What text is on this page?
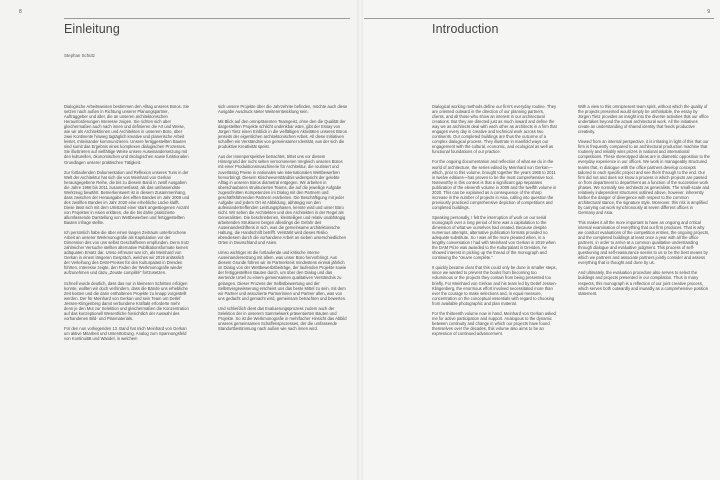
8
Einleitung
Stephan Schütz

Dialogische Arbeitsweisen bestimmen den Alltag unseres Büros. Sie setzen nach außen in Richtung unserer Planungspartner, Auftraggeber und aller, die an unseren architektonischen Herausforderungen Interesse zeigen. Sie richten sich aber gleichermaßen auch nach innen und definieren die Art und Weise, wie wir als Architektinnen und Architekten in unserem Büro, über zwei Kontinente hinweg tagtäglich kreative und planerische Arbeit leistet, miteinander kommunizieren. Unsere fertiggestellten Bauten sind somit das Ergebnis eines komplexen dialogischen Prozesses. Sie illustrieren auf vielfältige Weise unsere Auseinandersetzung mit den kulturellen, ökonomischen und ökologischen sowie funktionalen Grundlagen unserer praktischen Tätigkeit.

Zur fortlaufenden Dokumentation und Reflexion unseres Tuns in der Welt der Architektur hat sich die von Meinhard von Gerkan herausgegebene Reihe, die bis zu diesem Band in zwölf Ausgaben die Jahre 1966 bis 2011 zusammenfasst, als das umfassendste Werkzeug bewährt. Bemerkenswert ist in diesem Zusammenhang, dass zwischen der Herausgabe des elften Bandes im Jahr 2009 und des zwölften Bandes im Jahr 2020 eine erhebliche Lücke klafft. Diese lässt sich mit dem Umstand einer stark angestiegenen Anzahl von Projekten in Asien erklären, die die bis dahin praktizierte allumfassende Darstellung von Wettbewerben und fertiggestellten Bauten infrage stellte.

Ich persönlich habe die über einen langen Zeitraum unterbrochene Arbeit an unserer Werkmonografie als Kapitulation vor der Dimension des von uns selbst Geschaffenen empfunden. Denn trotz zahlreicher Versuche stellten alternative Publikationsformate keinen adäquaten Ersatz dar. Umso erfreuter war ich, als Meinhard von Gerkan in einem längeren Gespräch, welches wir 2019 anlässlich der Verleihung des DAM-Preises für den Kulturpalast in Dresden führten, Interesse zeigte, den Faden der Werkmonografie wieder aufzunehmen und dazu „Zeuste compilité“ fortzusetzen.

Schnell wurde deutlich, dass das nur in kleineren Schritten erfolgen konnte, wollten wir doch verhindern, dass die Bände uns erhebliche Zeit kosten und die darin enthaltenen Projekte zu knapp vorgestellt werden. Der für Meinhard von Gerkan und sein Team um Detlef Jessen-Klingenberg damit verbundene Kraftakt erforderte mehr denn je den Mut zur Selektion und gleichermaßen die Konzentration auf das konzeptionell Wesentliche hinsichtlich der Auswahl des vorhandenen Bild- und Planmaterials.

Für den nun vorliegenden 13. Band hat mich Meinhard von Gerkan um aktive Mitarbeit und Unterstützung. Analog zum Spannungsfeld von Kontinuität und Wandel, in welchem

sich unsere Projekte über die Jahrzehnte befinden, möchte auch diese Ausgabe Ausdruck steter Weiterentwicklung sein.

Mit Blick auf den omnipräsenten Teamgeist, ohne den die Qualität der dargestellten Projekte schlicht undenkbar wäre, gibt der Essay von Jürgen Tietz einen Einblick in die vielfältigen Aktivitäten unseres Büros jenseits der eigentlichen architektonischen Arbeit. All diese Initiativen schaffen ein Verständnis von gemeinsamer Identität, aus der sich die produktive Kreativität speist.

Aus der Innenperspektive betrachtet, trittet uns vor diesem Hintergrund der nicht selten vernommenen Vergleich unseres Büros mit einer Produktionsmaschinerie für Architektur, die routiniert und zuverlässig Preise in nationalen wie internationalen Wettbewerben hervorbringt. Diesem Klischeeverständnis widerspricht der gelebte Alltag in unseren Büros diametral entgegen. Wir arbeiten in überschaubaren strukturierten Teams, die auf die jeweilige Aufgabe zugeschnitten Kompetenzen im Dialog mit den Partnern und geschäftsführenden Partnern erarbeiten. Die Beschäftigung mit jeder Aufgabe und jedem Ort ist Abbildung, abhängig von den aufeinandertreffenden Leistungsphasen, kennte wird und unser Büro nicht. Wir sehen die Architekten und den Architekten in der Regel als Generalisten. Die beschriebenen, kleinteiligen und relativ unabhängig arbeitenden Strukturen bergen allerdings die Gefahr des Auseinanderdriftens in sich, was die gemeinsame architektonische Haltung, die Handschrift betrifft. Verstärkt wird dieses Risiko ebendiesem durch die vorhandene Arbeit an sieben unterschiedlichen Orten in Deutschland und Asien.

Umso wichtiger ist die fortlaufende und kritische interne Auseinandersetzung mit allem, was unser Büro hervorbringt. Aus diesem Grunde führen wir im Partnerkreis mindestens einmal jährlich im Dialog von der Wettbewerbsbeiträge, der laufenden Projekte sowie der fertiggestellten Bauten durch, um über den Dialog und das wertende Urteil zu einem gemeinsamen qualitativen Verständnis zu gelangen. Dieser Prozess der Selbstbewertung und der Selbstvergewisserung erscheint uns das beste Mittel zu sein, mit dem wir Partner und assoziierte Partnerinnen und Partner allen, was von uns gedacht und gemacht wird, gemeinsam betrachten und bewerten.

Und schließlich dient das Evaluierungsprozess zudem auch der Selektion der in unserem Sammelwerk präsentierten Bauten und Projekte. So ist die Werkmonografie in mehrfacher Hinsicht das Abbild unseres gemeinsamen Schaffensprozesses, der die umfassende Standortbestimmung nach außen wie nach innen wird.

9
Introduction

Dialogical working methods define our firm's everyday routine. They are oriented outward in the direction of our planning partners, clients, and all those who show an interest in our architectural creations. But they are directed just as much inward and define the way we as architects deal with each other as architects in a firm that engages every day in creative and technical work across two continents. Our completed buildings are thus the outcome of a complex dialogical process. They illustrate in manifold ways our engagement with the cultural, economic, and ecological as well as functional foundations of our practice.

For the ongoing documentation and reflection of what we do in the world of architecture, the series edited by Meinhard von Gerkan—which, prior to this volume, brought together the years 1966 to 2011 in twelve editions—has proven to be the most comprehensive tool. Noteworthy in this context is that a significant gap separates publication of the eleventh volume in 2009 and the twelfth volume in 2020. This can be explained as a consequence of the sharp increase in the number of projects in Asia, calling into question the previously practiced comprehensive depiction of competitions and completed buildings.

Speaking personally, I felt the interruption of work on our serial monograph over a long period of time was a capitulation to the dimension of what we ourselves had created. Because despite numerous attempts, alternative publication formats provided no adequate substitute. So I was all the more pleased when, in a lengthy conversation I had with Meinhard von Gerkan in 2019 when the DAM Prize was awarded to the Kulturpalast in Dresden, he showed interest in picking up the thread of the monograph and continuing the “œuvre complète.”

It quickly became clear that this could only be done in smaller steps, since we wanted to prevent the books from becoming too voluminous or the projects they contain from being presented too briefly. For Meinhard von Gerkan and his team led by Detlef Jessen-Klingenberg, the enormous effort involved necessitated more than ever the courage to make selections and, in equal measure, concentration on the conceptual essentials with regard to choosing from available photographic and plan material.

For the thirteenth volume now in hand, Meinhard von Gerkan asked me for active participation and support. Analogous to the dynamic between continuity and change in which our projects have found themselves over the decades, this volume also aims to be an expression of continued advancement.

With a view to this omnipresent team spirit, without which the quality of the projects presented would simply be unthinkable, the essay by Jürgen Tietz provides an insight into the diverse activities that our office undertakes beyond the actual architectural work. All the initiatives create an understanding of shared identity that feeds productive creativity.

Viewed from an internal perspective, it is irritating in light of this that our firm is frequently compared to an architectural production machine that routinely and reliably wins prizes in national and international competitions. These stereotyped ideas are in diametric opposition to the everyday experience in our offices. We work in manageably structured teams that, in dialogue with the office partners develop concepts tailored to each specific project and see them through to the end. Our firm did not and does not know a process in which projects are passed on from department to department as a function of the successive work phases. We normally see architects as generalists. The small-scale and relatively independent structures outlined above, however, inherently harbor the danger of divergence with respect to the common architectural stance, the signature style. Moreover, this risk is amplified by carrying out work synchronously at seven different offices in Germany and Asia.

This makes it all the more important to have an ongoing and critical internal examination of everything that our firm produces. That is why we conduct evaluations of the competition entries, the ongoing projects, and the completed buildings at least once a year with all the office partners, in order to arrive at a common qualitative understanding through dialogue and evaluative judgment. This process of self-questioning and self-reassurance seems to us to be the best means by which we partners and associate partners jointly consider and assess everything that is thought and done by us.

And ultimately, the evaluation procedure also serves to select the buildings and projects presented in our compilation. Thus in many respects, this monograph is a reflection of our joint creative process, which serves both outwardly and inwardly as a comprehensive position statement.
